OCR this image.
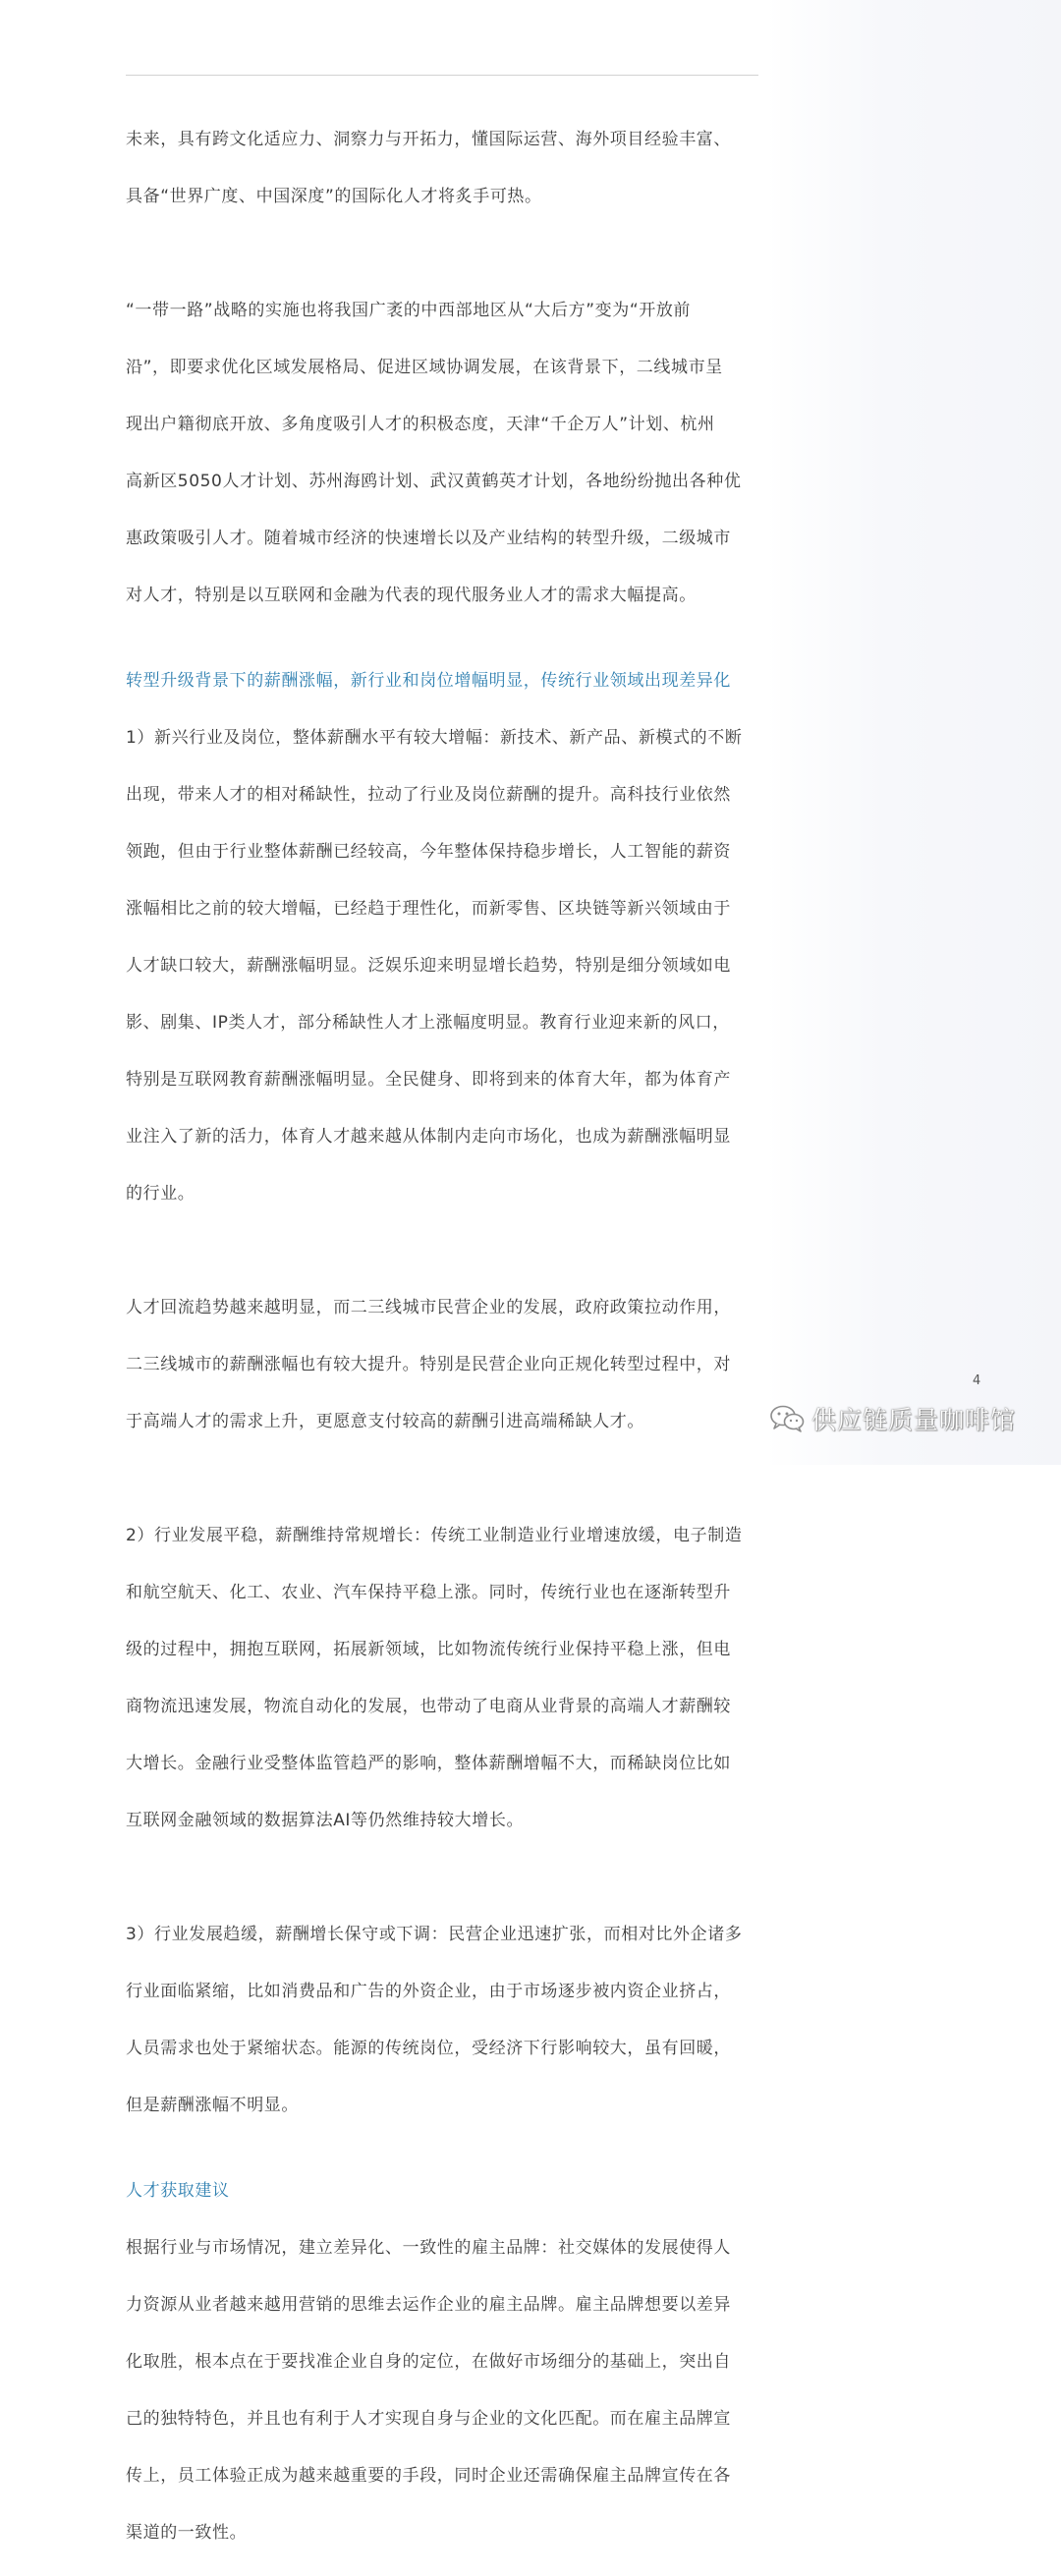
未来，具有跨文化适应力、洞察力与开拓力，懂国际运营、海外项目经验丰富、

具备“世界广度、中国深度”的国际化人才将炙手可热。

“一带一路”战略的实施也将我国广袤的中西部地区从“大后方”变为“开放前

沿”，即要求优化区域发展格局、促进区域协调发展，在该背景下，二线城市呈

现出户籍彻底开放、多角度吸引人才的积极态度，天津“千企万人”计划、杭州

高新区5050人才计划、苏州海鸥计划、武汉黄鹤英才计划，各地纷纷抛出各种优

惠政策吸引人才。随着城市经济的快速增长以及产业结构的转型升级，二级城市

对人才，特别是以互联网和金融为代表的现代服务业人才的需求大幅提高。

转型升级背景下的薪酬涨幅，新行业和岗位增幅明显，传统行业领域出现差异化

1）新兴行业及岗位，整体薪酬水平有较大增幅：新技术、新产品、新模式的不断

出现，带来人才的相对稀缺性，拉动了行业及岗位薪酬的提升。高科技行业依然

领跑，但由于行业整体薪酬已经较高，今年整体保持稳步增长，人工智能的薪资

涨幅相比之前的较大增幅，已经趋于理性化，而新零售、区块链等新兴领域由于

人才缺口较大，薪酬涨幅明显。泛娱乐迎来明显增长趋势，特别是细分领域如电

影、剧集、IP类人才，部分稀缺性人才上涨幅度明显。教育行业迎来新的风口，

特别是互联网教育薪酬涨幅明显。全民健身、即将到来的体育大年，都为体育产

业注入了新的活力，体育人才越来越从体制内走向市场化，也成为薪酬涨幅明显

的行业。

人才回流趋势越来越明显，而二三线城市民营企业的发展，政府政策拉动作用，

二三线城市的薪酬涨幅也有较大提升。特别是民营企业向正规化转型过程中，对

于高端人才的需求上升，更愿意支付较高的薪酬引进高端稀缺人才。

2）行业发展平稳，薪酬维持常规增长：传统工业制造业行业增速放缓，电子制造

和航空航天、化工、农业、汽车保持平稳上涨。同时，传统行业也在逐渐转型升

级的过程中，拥抱互联网，拓展新领域，比如物流传统行业保持平稳上涨，但电

商物流迅速发展，物流自动化的发展，也带动了电商从业背景的高端人才薪酬较

大增长。金融行业受整体监管趋严的影响，整体薪酬增幅不大，而稀缺岗位比如

互联网金融领域的数据算法AI等仍然维持较大增长。

3）行业发展趋缓，薪酬增长保守或下调：民营企业迅速扩张，而相对比外企诸多

行业面临紧缩，比如消费品和广告的外资企业，由于市场逐步被内资企业挤占，

人员需求也处于紧缩状态。能源的传统岗位，受经济下行影响较大，虽有回暖，

但是薪酬涨幅不明显。

人才获取建议

根据行业与市场情况，建立差异化、一致性的雇主品牌：社交媒体的发展使得人

力资源从业者越来越用营销的思维去运作企业的雇主品牌。雇主品牌想要以差异

化取胜，根本点在于要找准企业自身的定位，在做好市场细分的基础上，突出自

己的独特特色，并且也有利于人才实现自身与企业的文化匹配。而在雇主品牌宣

传上，员工体验正成为越来越重要的手段，同时企业还需确保雇主品牌宣传在各

渠道的一致性。

4
供应链质量咖啡馆
